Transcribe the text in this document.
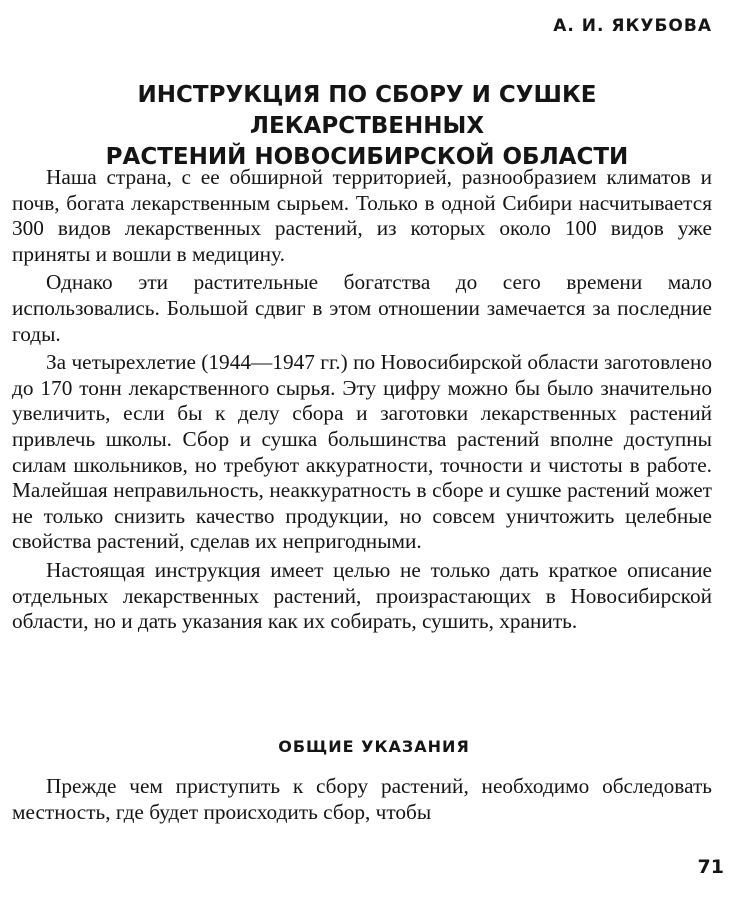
А. И. ЯКУБОВА
ИНСТРУКЦИЯ ПО СБОРУ И СУШКЕ ЛЕКАРСТВЕННЫХ
РАСТЕНИЙ НОВОСИБИРСКОЙ ОБЛАСТИ

Наша страна, с ее обширной территорией, разнообразием климатов и почв, богата лекарственным сырьем. Только в одной Сибири насчитывается 300 видов лекарственных растений, из которых около 100 видов уже приняты и вошли в медицину.

Однако эти растительные богатства до сего времени мало использовались. Большой сдвиг в этом отношении замечается за последние годы.

За четырехлетие (1944—1947 гг.) по Новосибирской области заготовлено до 170 тонн лекарственного сырья. Эту цифру можно бы было значительно увеличить, если бы к делу сбора и заготовки лекарственных растений привлечь школы. Сбор и сушка большинства растений вполне доступны силам школьников, но требуют аккуратности, точности и чистоты в работе. Малейшая неправильность, неаккуратность в сборе и сушке растений может не только снизить качество продукции, но совсем уничтожить целебные свойства растений, сделав их непригодными.

Настоящая инструкция имеет целью не только дать краткое описание отдельных лекарственных растений, произрастающих в Новосибирской области, но и дать указания как их собирать, сушить, хранить.

ОБЩИЕ УКАЗАНИЯ

Прежде чем приступить к сбору растений, необходимо обследовать местность, где будет происходить сбор, чтобы

71
